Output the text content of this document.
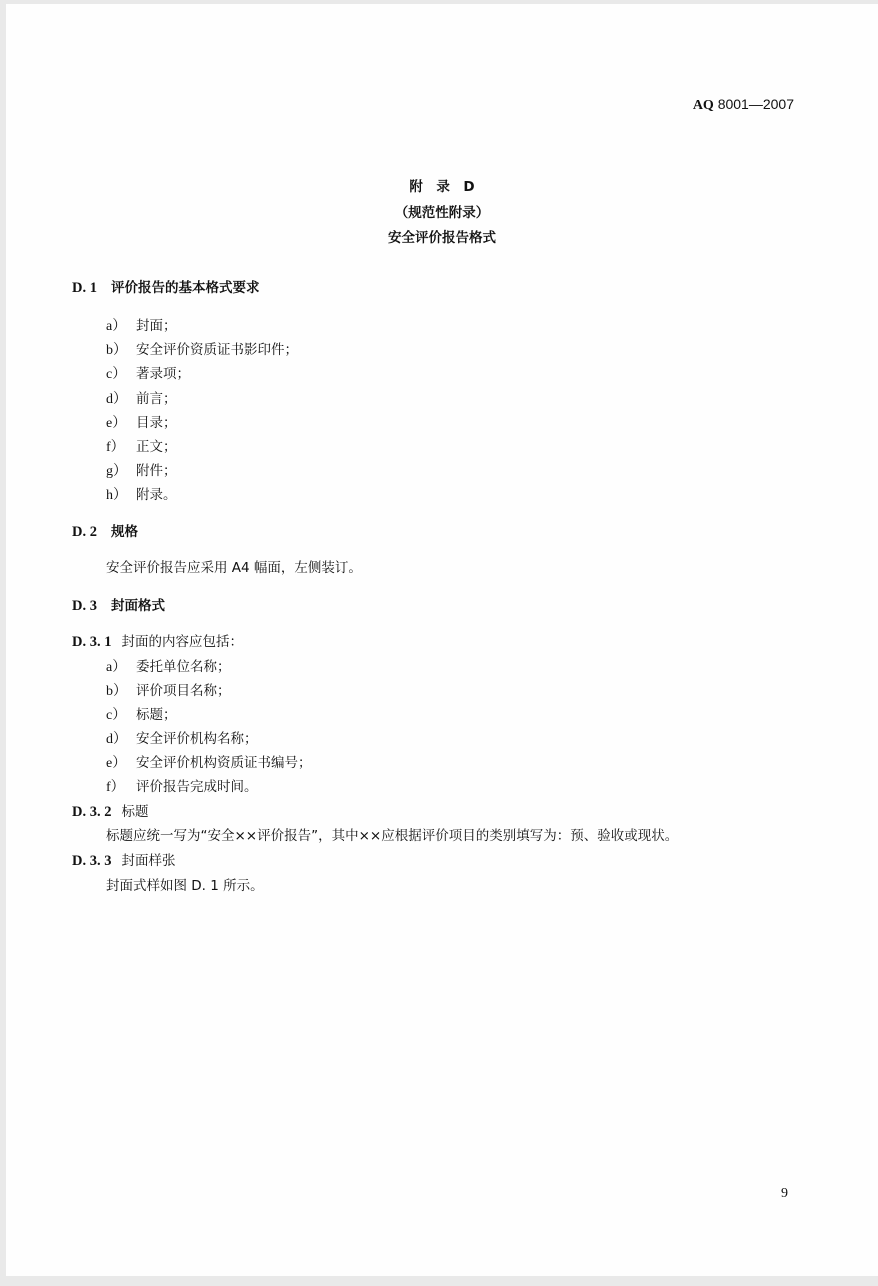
AQ 8001—2007
附　录　D
（规范性附录）
安全评价报告格式
D. 1 评价报告的基本格式要求
a） 封面；
b） 安全评价资质证书影印件；
c） 著录项；
d） 前言；
e） 目录；
f） 正文；
g） 附件；
h） 附录。
D. 2 规格
安全评价报告应采用 A4 幅面，左侧装订。
D. 3 封面格式
D. 3. 1 封面的内容应包括：
a） 委托单位名称；
b） 评价项目名称；
c） 标题；
d） 安全评价机构名称；
e） 安全评价机构资质证书编号；
f） 评价报告完成时间。
D. 3. 2 标题
标题应统一写为“安全××评价报告”，其中××应根据评价项目的类别填写为：预、验收或现状。
D. 3. 3 封面样张
封面式样如图 D. 1 所示。
9
